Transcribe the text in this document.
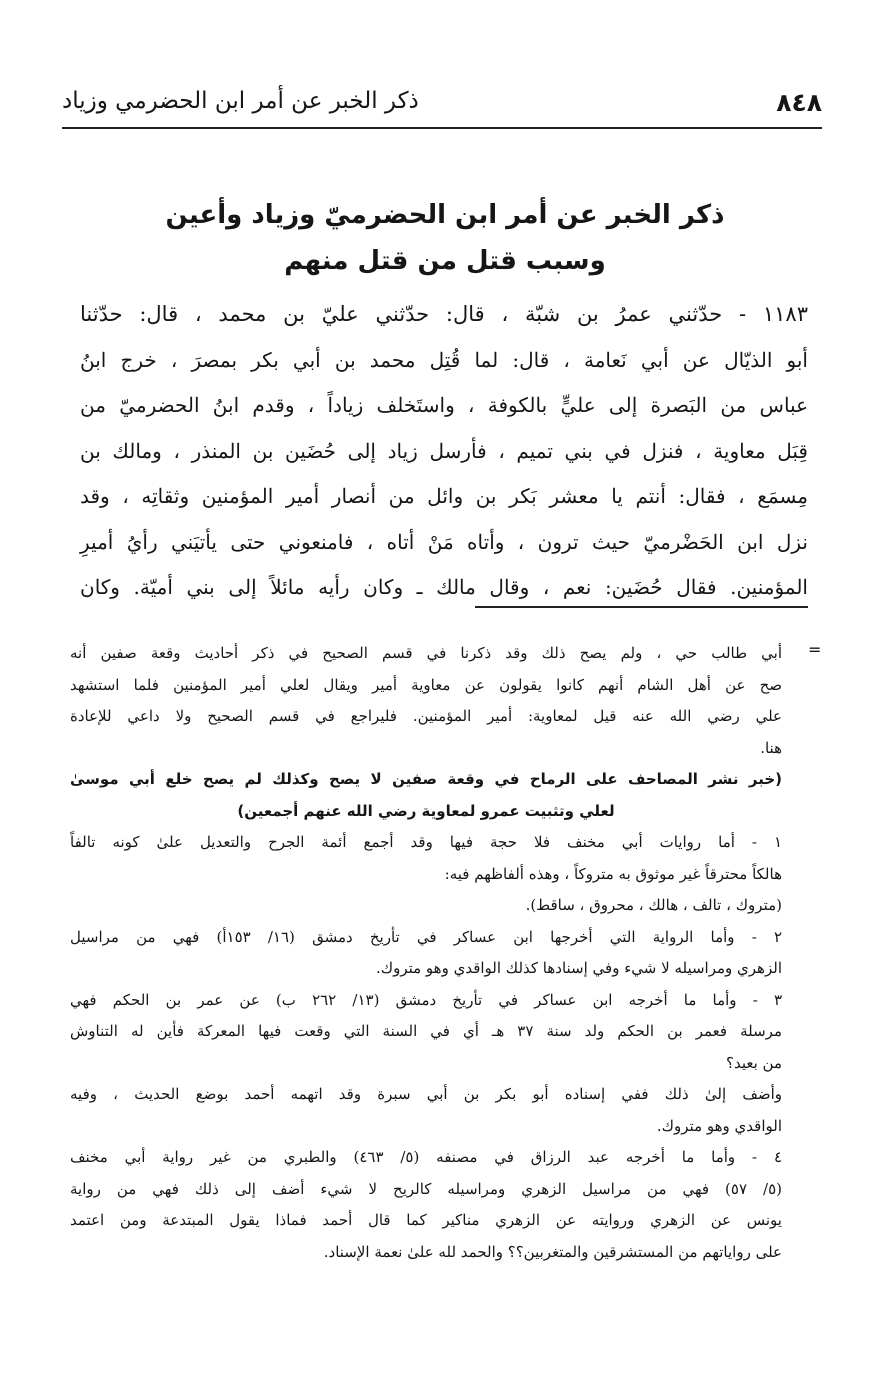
٨٤٨
ذكر الخبر عن أمر ابن الحضرمي وزياد
ذكر الخبر عن أمر ابن الحضرميّ وزياد وأعين
وسبب قتل من قتل منهم
١١٨٣ - حدّثني عمرُ بن شبّة ، قال: حدّثني عليّ بن محمد ، قال: حدّثنا
أبو الذيّال عن أبي نَعامة ، قال: لما قُتِل محمد بن أبي بكر بمصرَ ، خرج ابنُ
عباس من البَصرة إلى عليٍّ بالكوفة ، واستَخلف زياداً ، وقدم ابنُ الحضرميّ من
قِبَل معاوية ، فنزل في بني تميم ، فأرسل زياد إلى حُضَين بن المنذر ، ومالك بن
مِسمَع ، فقال: أنتم يا معشر بَكر بن وائل من أنصار أمير المؤمنين وثقاتِه ، وقد
نزل ابن الحَضْرميّ حيث ترون ، وأتاه مَنْ أتاه ، فامنعوني حتى يأتيَني رأيُ أميرِ
المؤمنين. فقال حُضَين: نعم ، وقال مالك ـ وكان رأيه مائلاً إلى بني أميّة. وكان
=
أبي طالب حي ، ولم يصح ذلك وقد ذكرنا في قسم الصحيح في ذكر أحاديث وقعة صفين أنه
صح عن أهل الشام أنهم كانوا يقولون عن معاوية أمير ويقال لعلي أمير المؤمنين فلما استشهد
علي رضي الله عنه قيل لمعاوية: أمير المؤمنين. فليراجع في قسم الصحيح ولا داعي للإعادة
هنا.
(خبر نشر المصاحف على الرماح في وقعة صفين لا يصح وكذلك لم يصح خلع أبي موسىٰ
لعلي وتثبيت عمرو لمعاوية رضي الله عنهم أجمعين)
١ - أما روايات أبي مخنف فلا حجة فيها وقد أجمع أئمة الجرح والتعديل علىٰ كونه تالفاً
هالكاً محترقاً غير موثوق به متروكاً ، وهذه ألفاظهم فيه:
(متروك ، تالف ، هالك ، محروق ، ساقط).
٢ - وأما الرواية التي أخرجها ابن عساكر في تأريخ دمشق (١٦/ ١٥٣أ) فهي من مراسيل
الزهري ومراسيله لا شيء وفي إسنادها كذلك الواقدي وهو متروك.
٣ - وأما ما أخرجه ابن عساكر في تأريخ دمشق (١٣/ ٢٦٢ ب) عن عمر بن الحكم فهي
مرسلة فعمر بن الحكم ولد سنة ٣٧ هـ أي في السنة التي وقعت فيها المعركة فأين له التناوش
من بعيد؟
وأضف إلىٰ ذلك ففي إسناده أبو بكر بن أبي سبرة وقد اتهمه أحمد بوضع الحديث ، وفيه
الواقدي وهو متروك.
٤ - وأما ما أخرجه عبد الرزاق في مصنفه (٥/ ٤٦٣) والطبري من غير رواية أبي مخنف
(٥/ ٥٧) فهي من مراسيل الزهري ومراسيله كالريح لا شيء أضف إلى ذلك فهي من رواية
يونس عن الزهري وروايته عن الزهري مناكير كما قال أحمد فماذا يقول المبتدعة ومن اعتمد
على رواياتهم من المستشرقين والمتغربين؟؟ والحمد لله علىٰ نعمة الإسناد.
